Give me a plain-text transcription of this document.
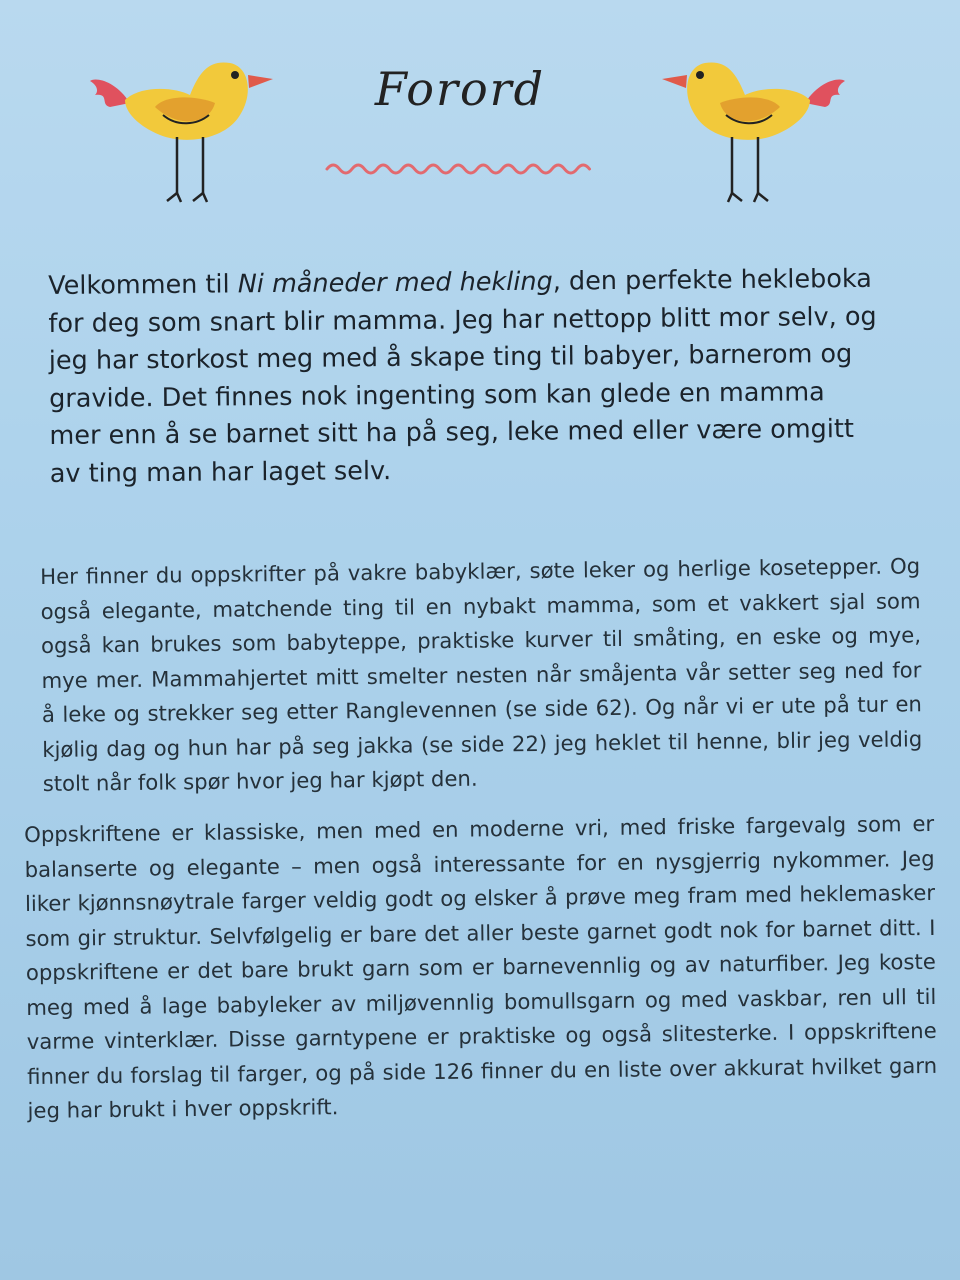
Forord

Velkommen til Ni måneder med hekling, den perfekte hekleboka for deg som snart blir mamma. Jeg har nettopp blitt mor selv, og jeg har storkost meg med å skape ting til babyer, barnerom og gravide. Det finnes nok ingenting som kan glede en mamma mer enn å se barnet sitt ha på seg, leke med eller være omgitt av ting man har laget selv.

Her finner du oppskrifter på vakre babyklær, søte leker og herlige kosetepper. Og også elegante, matchende ting til en nybakt mamma, som et vakkert sjal som også kan brukes som babyteppe, praktiske kurver til småting, en eske og mye, mye mer. Mammahjertet mitt smelter nesten når småjenta vår setter seg ned for å leke og strekker seg etter Ranglevennen (se side 62). Og når vi er ute på tur en kjølig dag og hun har på seg jakka (se side 22) jeg heklet til henne, blir jeg veldig stolt når folk spør hvor jeg har kjøpt den.

Oppskriftene er klassiske, men med en moderne vri, med friske fargevalg som er balanserte og elegante – men også interessante for en nysgjerrig nykommer. Jeg liker kjønnsnøytrale farger veldig godt og elsker å prøve meg fram med heklemasker som gir struktur. Selvfølgelig er bare det aller beste garnet godt nok for barnet ditt. I oppskriftene er det bare brukt garn som er barnevennlig og av naturfiber. Jeg koste meg med å lage babyleker av miljøvennlig bomullsgarn og med vaskbar, ren ull til varme vinterklær. Disse garntypene er praktiske og også slitesterke. I oppskriftene finner du forslag til farger, og på side 126 finner du en liste over akkurat hvilket garn jeg har brukt i hver oppskrift.
